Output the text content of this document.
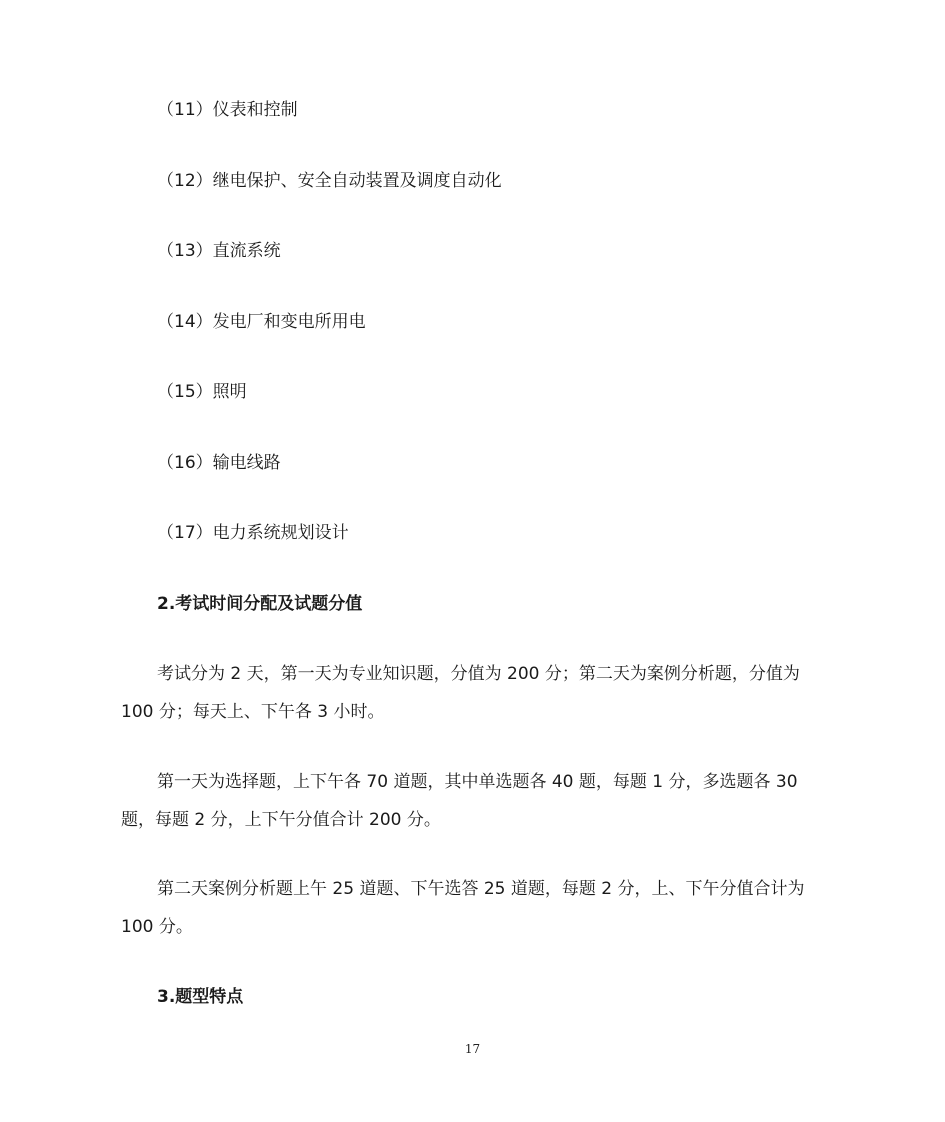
（11）仪表和控制
（12）继电保护、安全自动装置及调度自动化
（13）直流系统
（14）发电厂和变电所用电
（15）照明
（16）输电线路
（17）电力系统规划设计
2.考试时间分配及试题分值
考试分为 2 天，第一天为专业知识题，分值为 200 分；第二天为案例分析题，分值为 100 分；每天上、下午各 3 小时。
第一天为选择题，上下午各 70 道题，其中单选题各 40 题，每题 1 分，多选题各 30 题，每题 2 分，上下午分值合计 200 分。
第二天案例分析题上午 25 道题、下午选答 25 道题，每题 2 分，上、下午分值合计为 100 分。
3.题型特点
17
